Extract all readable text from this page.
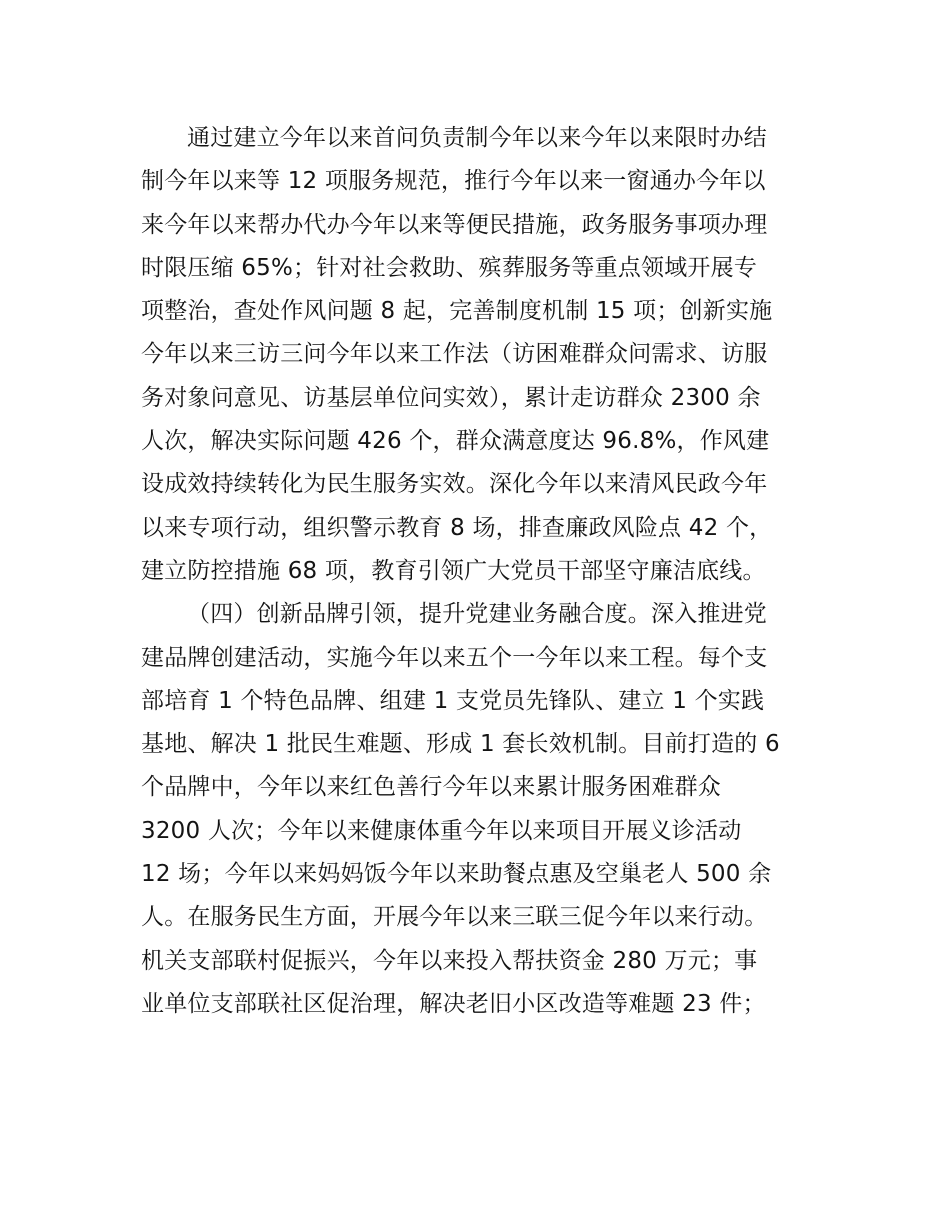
通过建立今年以来首问负责制今年以来今年以来限时办结
制今年以来等 12 项服务规范，推行今年以来一窗通办今年以
来今年以来帮办代办今年以来等便民措施，政务服务事项办理
时限压缩 65%；针对社会救助、殡葬服务等重点领域开展专
项整治，查处作风问题 8 起，完善制度机制 15 项；创新实施
今年以来三访三问今年以来工作法（访困难群众问需求、访服
务对象问意见、访基层单位问实效），累计走访群众 2300 余
人次，解决实际问题 426 个，群众满意度达 96.8%，作风建
设成效持续转化为民生服务实效。深化今年以来清风民政今年
以来专项行动，组织警示教育 8 场，排查廉政风险点 42 个，
建立防控措施 68 项，教育引领广大党员干部坚守廉洁底线。
（四）创新品牌引领，提升党建业务融合度。深入推进党
建品牌创建活动，实施今年以来五个一今年以来工程。每个支
部培育 1 个特色品牌、组建 1 支党员先锋队、建立 1 个实践
基地、解决 1 批民生难题、形成 1 套长效机制。目前打造的 6
个品牌中，今年以来红色善行今年以来累计服务困难群众
3200 人次；今年以来健康体重今年以来项目开展义诊活动
12 场；今年以来妈妈饭今年以来助餐点惠及空巢老人 500 余
人。在服务民生方面，开展今年以来三联三促今年以来行动。
机关支部联村促振兴，今年以来投入帮扶资金 280 万元；事
业单位支部联社区促治理，解决老旧小区改造等难题 23 件；
